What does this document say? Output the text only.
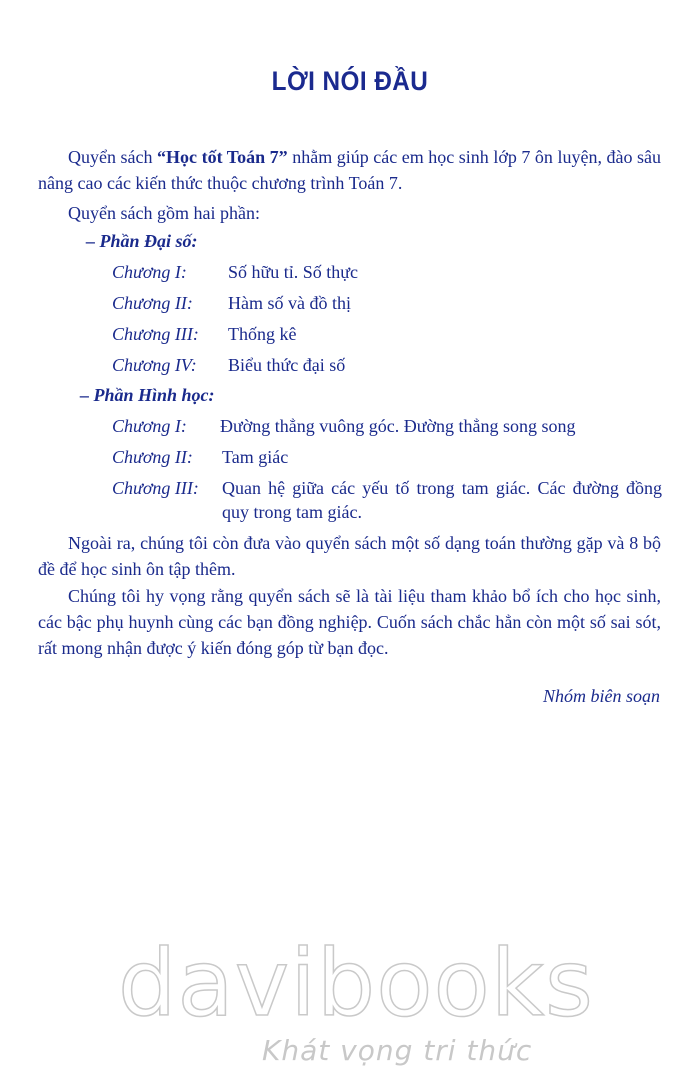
LỜI NÓI ĐẦU

Quyển sách “Học tốt Toán 7” nhằm giúp các em học sinh lớp 7 ôn luyện, đào sâu nâng cao các kiến thức thuộc chương trình Toán 7.

Quyển sách gồm hai phần:

– Phần Đại số:
Chương I: Số hữu tỉ. Số thực
Chương II: Hàm số và đồ thị
Chương III: Thống kê
Chương IV: Biểu thức đại số
– Phần Hình học:
Chương I: Đường thẳng vuông góc. Đường thẳng song song
Chương II: Tam giác
Chương III: Quan hệ giữa các yếu tố trong tam giác. Các đường đồng quy trong tam giác.

Ngoài ra, chúng tôi còn đưa vào quyển sách một số dạng toán thường gặp và 8 bộ đề để học sinh ôn tập thêm.

Chúng tôi hy vọng rằng quyển sách sẽ là tài liệu tham khảo bổ ích cho học sinh, các bậc phụ huynh cùng các bạn đồng nghiệp. Cuốn sách chắc hẳn còn một số sai sót, rất mong nhận được ý kiến đóng góp từ bạn đọc.

Nhóm biên soạn
davibooks
Khát vọng tri thức
